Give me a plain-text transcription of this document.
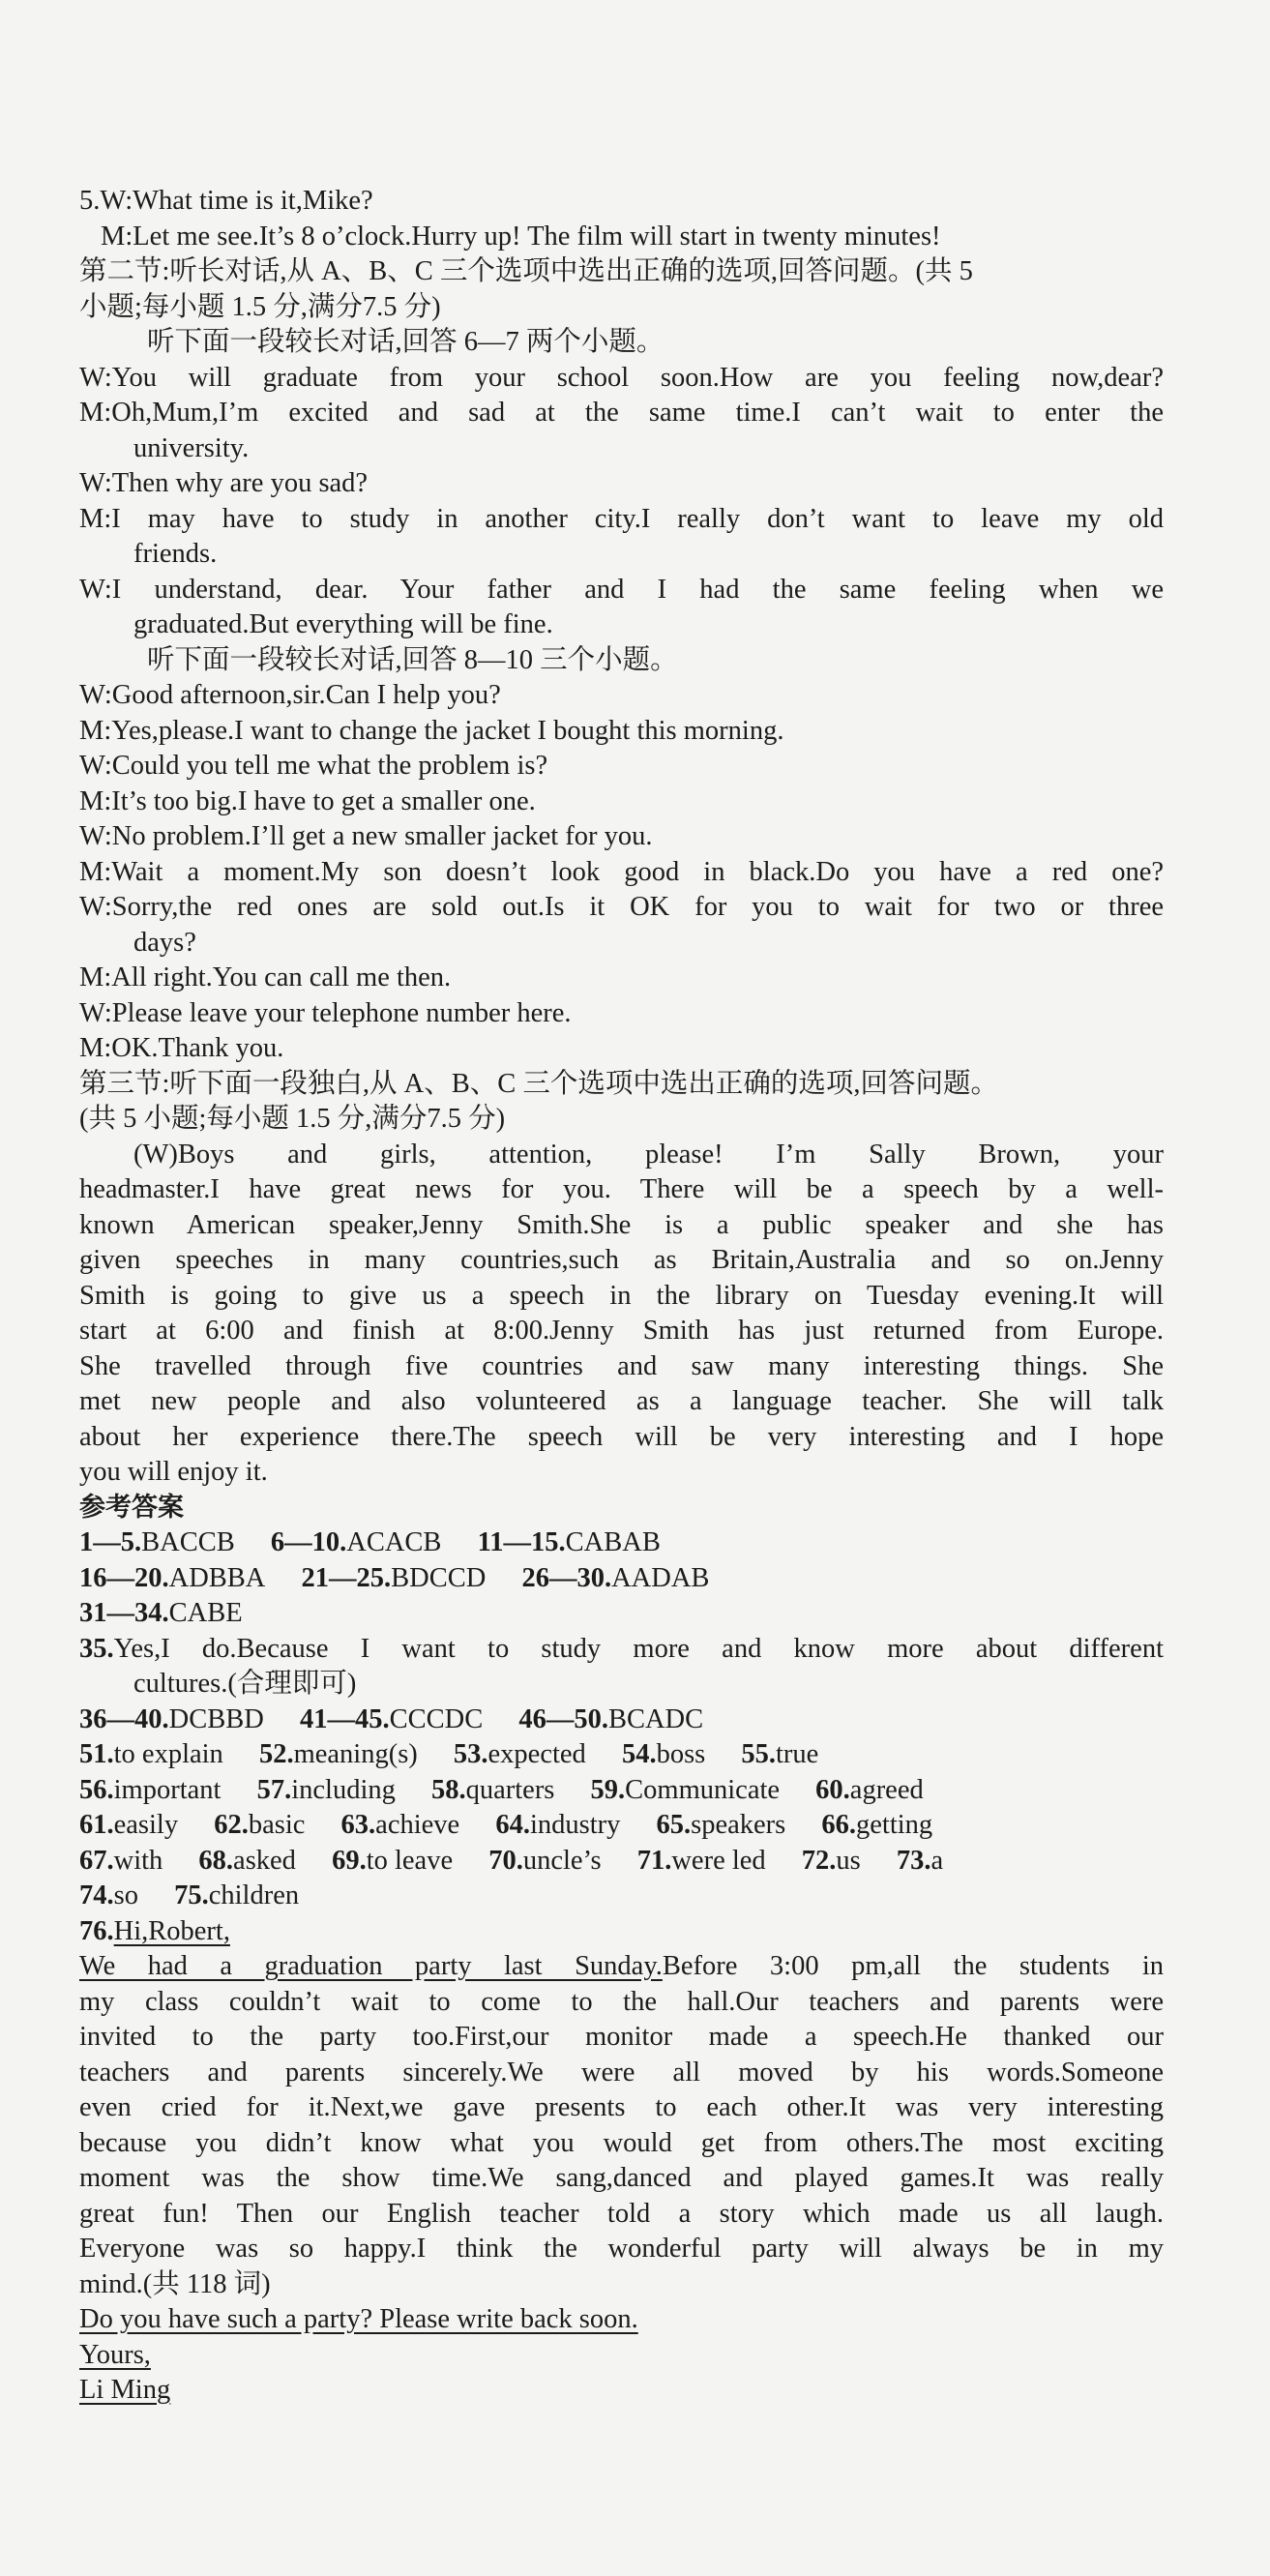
5.W:What time is it,Mike?
M:Let me see.It’s 8 o’clock.Hurry up! The film will start in twenty minutes!
第二节:听长对话,从 A、B、C 三个选项中选出正确的选项,回答问题。(共 5
小题;每小题 1.5 分,满分7.5 分)
听下面一段较长对话,回答 6—7 两个小题。
W:You will graduate from your school soon.How are you feeling now,dear?
M:Oh,Mum,I’m excited and sad at the same time.I can’t wait to enter the
university.
W:Then why are you sad?
M:I may have to study in another city.I really don’t want to leave my old
friends.
W:I understand, dear. Your father and I had the same feeling when we
graduated.But everything will be fine.
听下面一段较长对话,回答 8—10 三个小题。
W:Good afternoon,sir.Can I help you?
M:Yes,please.I want to change the jacket I bought this morning.
W:Could you tell me what the problem is?
M:It’s too big.I have to get a smaller one.
W:No problem.I’ll get a new smaller jacket for you.
M:Wait a moment.My son doesn’t look good in black.Do you have a red one?
W:Sorry,the red ones are sold out.Is it OK for you to wait for two or three
days?
M:All right.You can call me then.
W:Please leave your telephone number here.
M:OK.Thank you.
第三节:听下面一段独白,从 A、B、C 三个选项中选出正确的选项,回答问题。
(共 5 小题;每小题 1.5 分,满分7.5 分)
(W)Boys and girls, attention, please! I’m Sally Brown, your
headmaster.I have great news for you. There will be a speech by a well-
known American speaker,Jenny Smith.She is a public speaker and she has
given speeches in many countries,such as Britain,Australia and so on.Jenny
Smith is going to give us a speech in the library on Tuesday evening.It will
start at 6:00 and finish at 8:00.Jenny Smith has just returned from Europe.
She travelled through five countries and saw many interesting things. She
met new people and also volunteered as a language teacher. She will talk
about her experience there.The speech will be very interesting and I hope
you will enjoy it.
参考答案
1—5.BACCB 6—10.ACACB 11—15.CABAB
16—20.ADBBA 21—25.BDCCD 26—30.AADAB
31—34.CABE
35.Yes,I do.Because I want to study more and know more about different
cultures.(合理即可)
36—40.DCBBD 41—45.CCCDC 46—50.BCADC
51.to explain 52.meaning(s) 53.expected 54.boss 55.true
56.important 57.including 58.quarters 59.Communicate 60.agreed
61.easily 62.basic 63.achieve 64.industry 65.speakers 66.getting
67.with 68.asked 69.to leave 70.uncle’s 71.were led 72.us 73.a
74.so 75.children
76.Hi,Robert,
We had a graduation party last Sunday.Before 3:00 pm,all the students in
my class couldn’t wait to come to the hall.Our teachers and parents were
invited to the party too.First,our monitor made a speech.He thanked our
teachers and parents sincerely.We were all moved by his words.Someone
even cried for it.Next,we gave presents to each other.It was very interesting
because you didn’t know what you would get from others.The most exciting
moment was the show time.We sang,danced and played games.It was really
great fun! Then our English teacher told a story which made us all laugh.
Everyone was so happy.I think the wonderful party will always be in my
mind.(共 118 词)
Do you have such a party? Please write back soon.
Yours,
Li Ming
